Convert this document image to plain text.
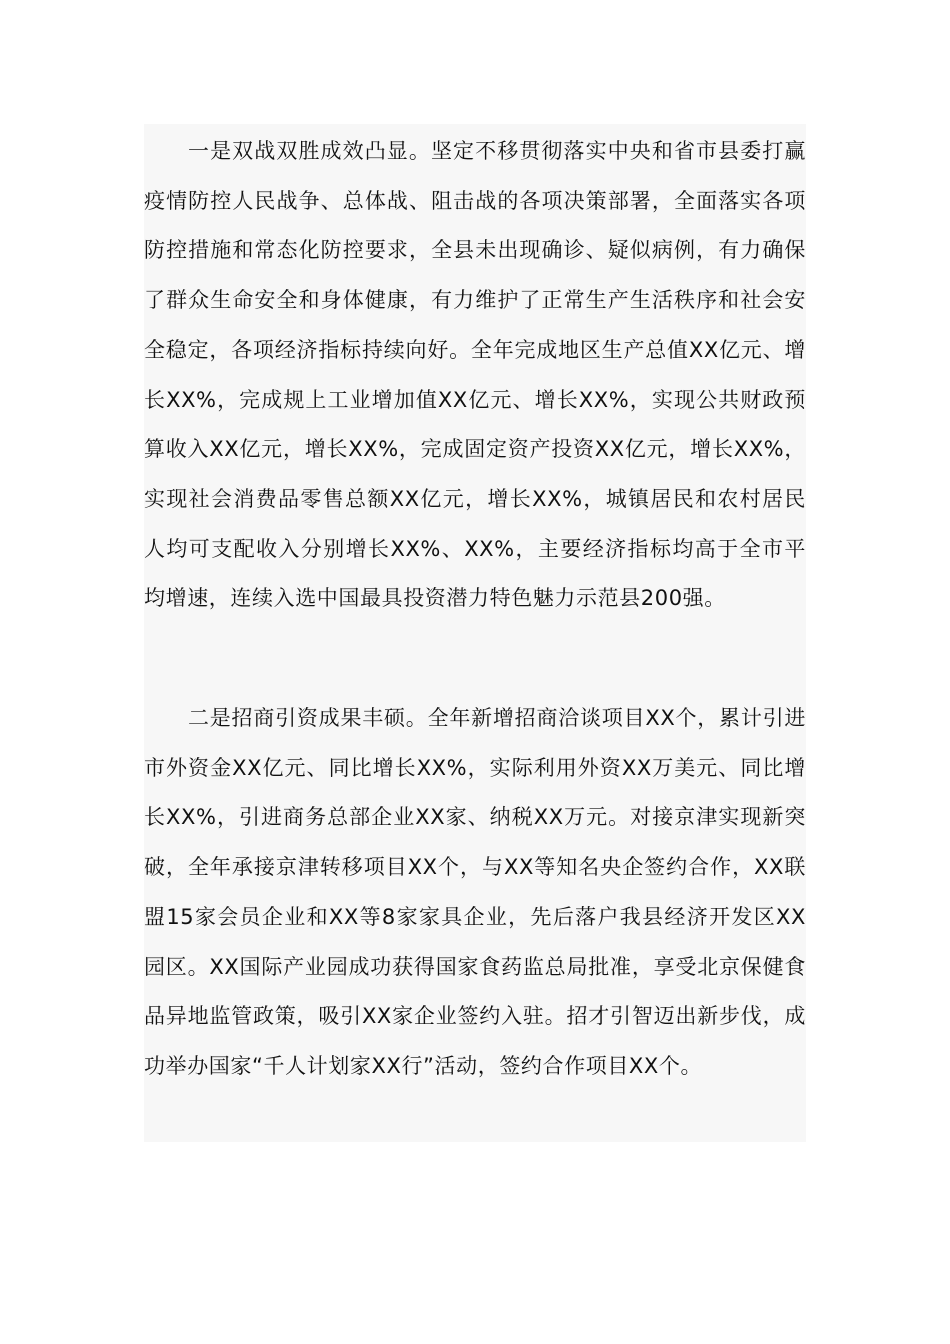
一是双战双胜成效凸显。坚定不移贯彻落实中央和省市县委打赢疫情防控人民战争、总体战、阻击战的各项决策部署，全面落实各项防控措施和常态化防控要求，全县未出现确诊、疑似病例，有力确保了群众生命安全和身体健康，有力维护了正常生产生活秩序和社会安全稳定，各项经济指标持续向好。全年完成地区生产总值XX亿元、增长XX%，完成规上工业增加值XX亿元、增长XX%，实现公共财政预算收入XX亿元，增长XX%，完成固定资产投资XX亿元，增长XX%， 实现社会消费品零售总额XX亿元，增长XX%，城镇居民和农村居民人均可支配收入分别增长XX%、XX%，主要经济指标均高于全市平均增速，连续入选中国最具投资潜力特色魅力示范县200强。

二是招商引资成果丰硕。全年新增招商洽谈项目XX个，累计引进市外资金XX亿元、同比增长XX%，实际利用外资XX万美元、同比增长XX%，引进商务总部企业XX家、纳税XX万元。对接京津实现新突破，全年承接京津转移项目XX个，与XX等知名央企签约合作，XX联盟15家会员企业和XX等8家家具企业，先后落户我县经济开发区XX园区。XX国际产业园成功获得国家食药监总局批准，享受北京保健食品异地监管政策，吸引XX家企业签约入驻。招才引智迈出新步伐，成功举办国家“千人计划家XX行”活动，签约合作项目XX个。
